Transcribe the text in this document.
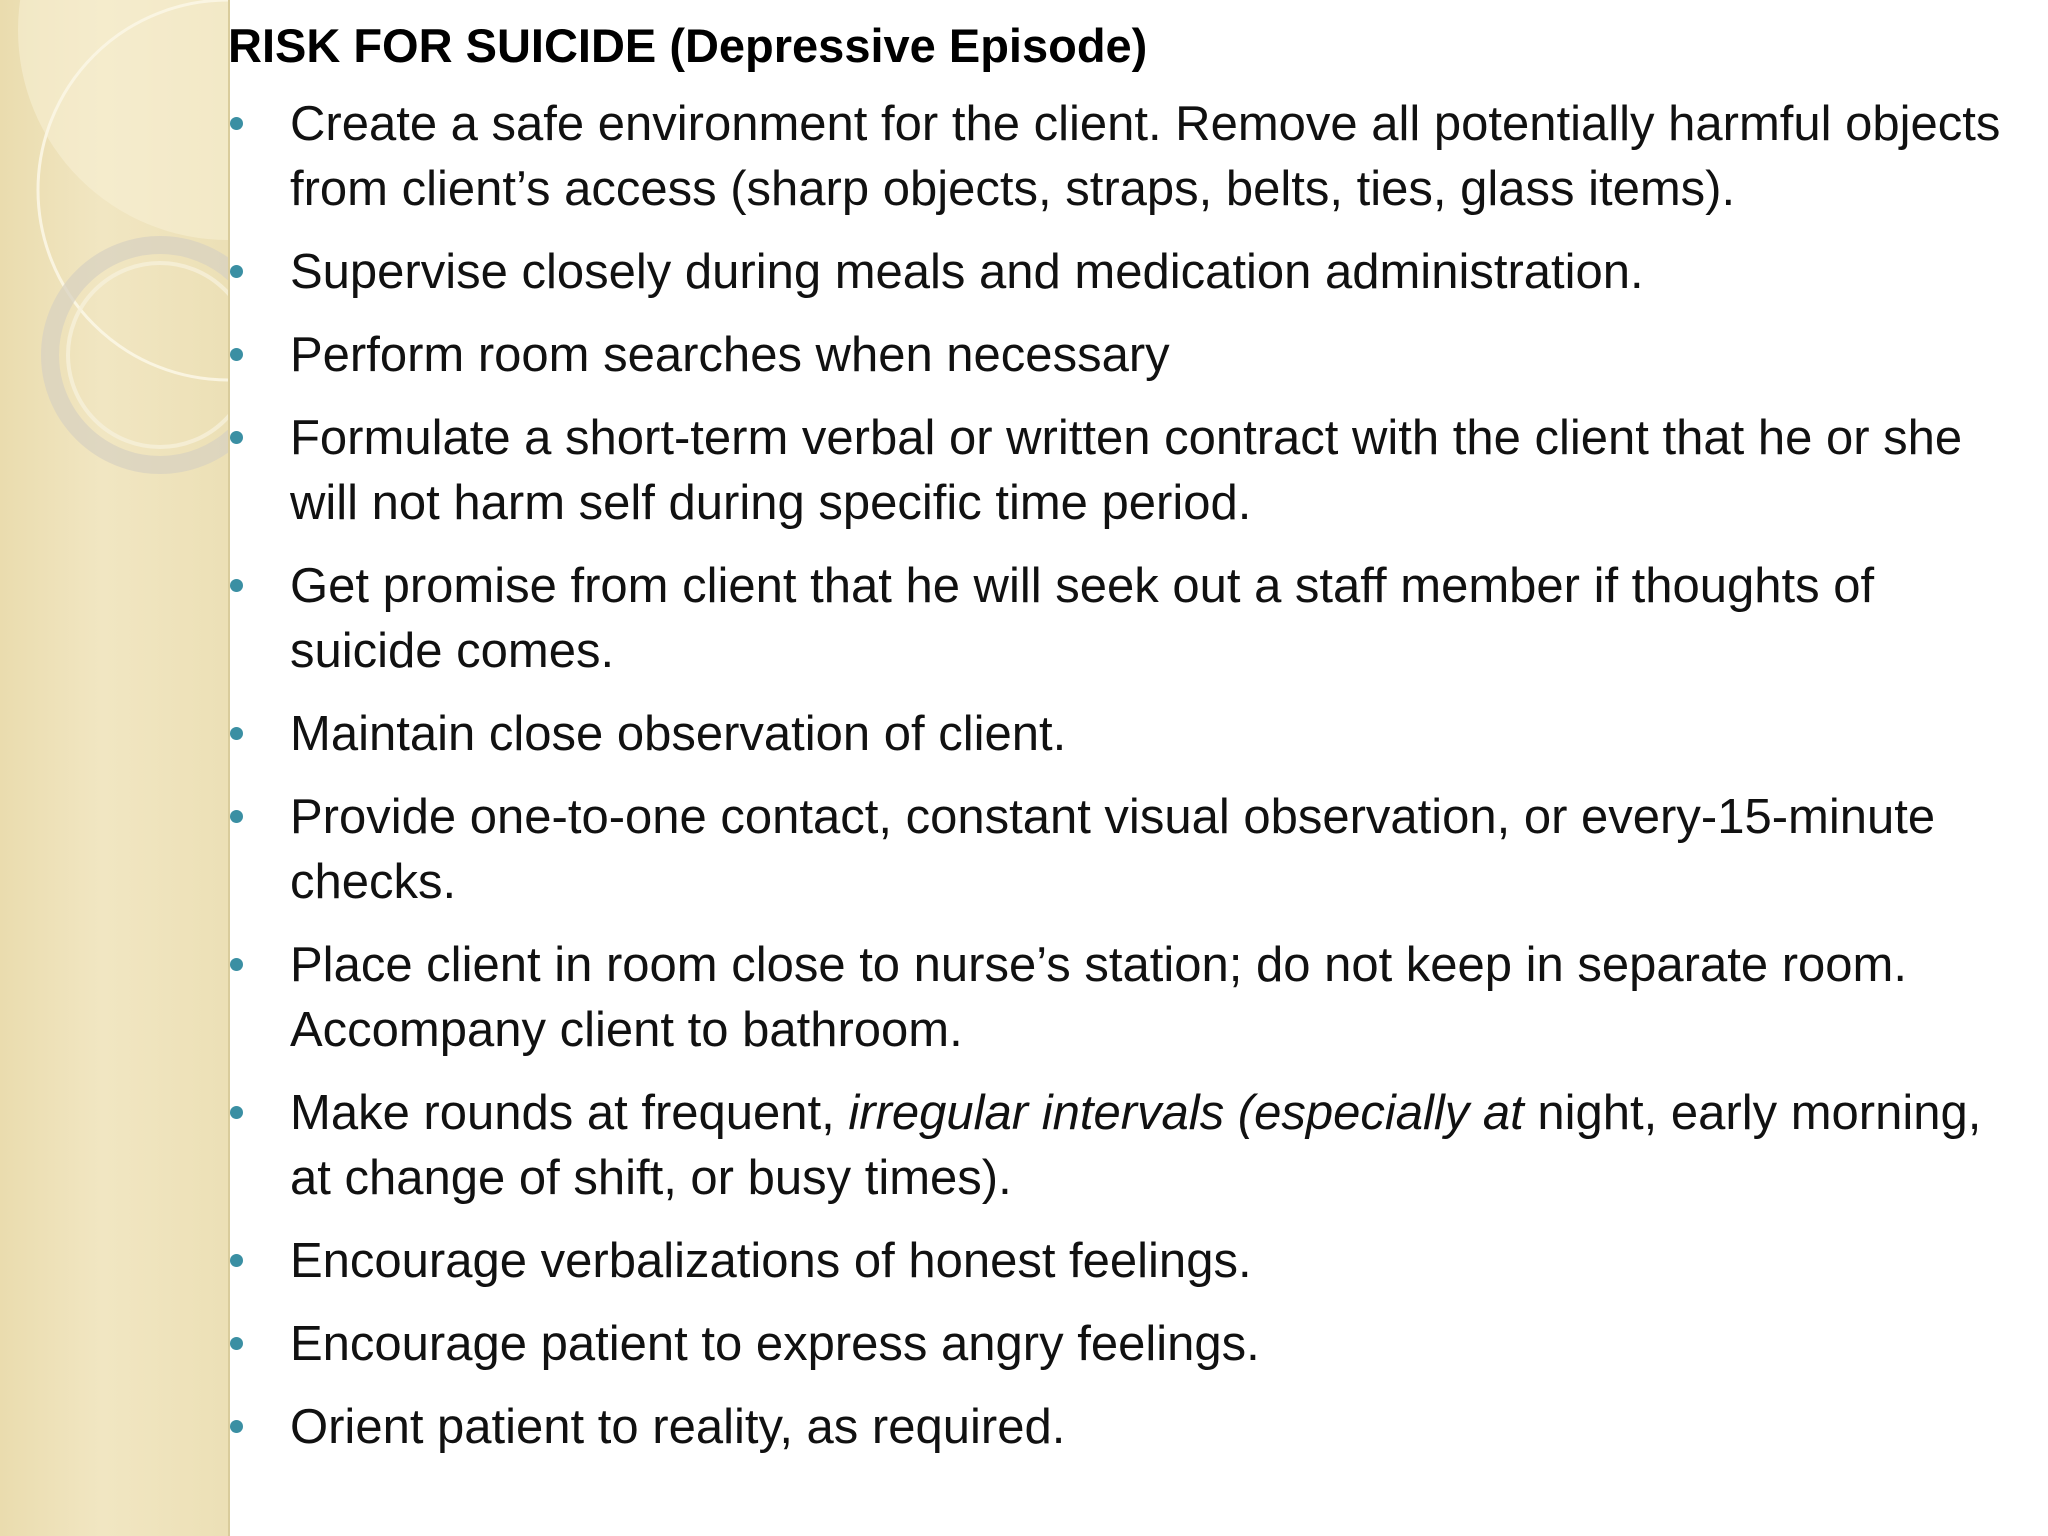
RISK FOR SUICIDE (Depressive Episode)
Create a safe environment for the client. Remove all potentially harmful objects from client’s access (sharp objects, straps, belts, ties, glass items).
Supervise closely during meals and medication administration.
Perform room searches when necessary
Formulate a short-term verbal or written contract with the client that he or she will not harm self during specific time period.
Get promise from client that he will seek out a staff member if thoughts of suicide comes.
Maintain close observation of client.
Provide one-to-one contact, constant visual observation, or every-15-minute checks.
Place client in room close to nurse’s station; do not keep in separate room. Accompany client to bathroom.
Make rounds at frequent, irregular intervals (especially at night, early morning, at change of shift, or busy times).
Encourage verbalizations of honest feelings.
Encourage patient to express angry feelings.
Orient patient to reality, as required.
